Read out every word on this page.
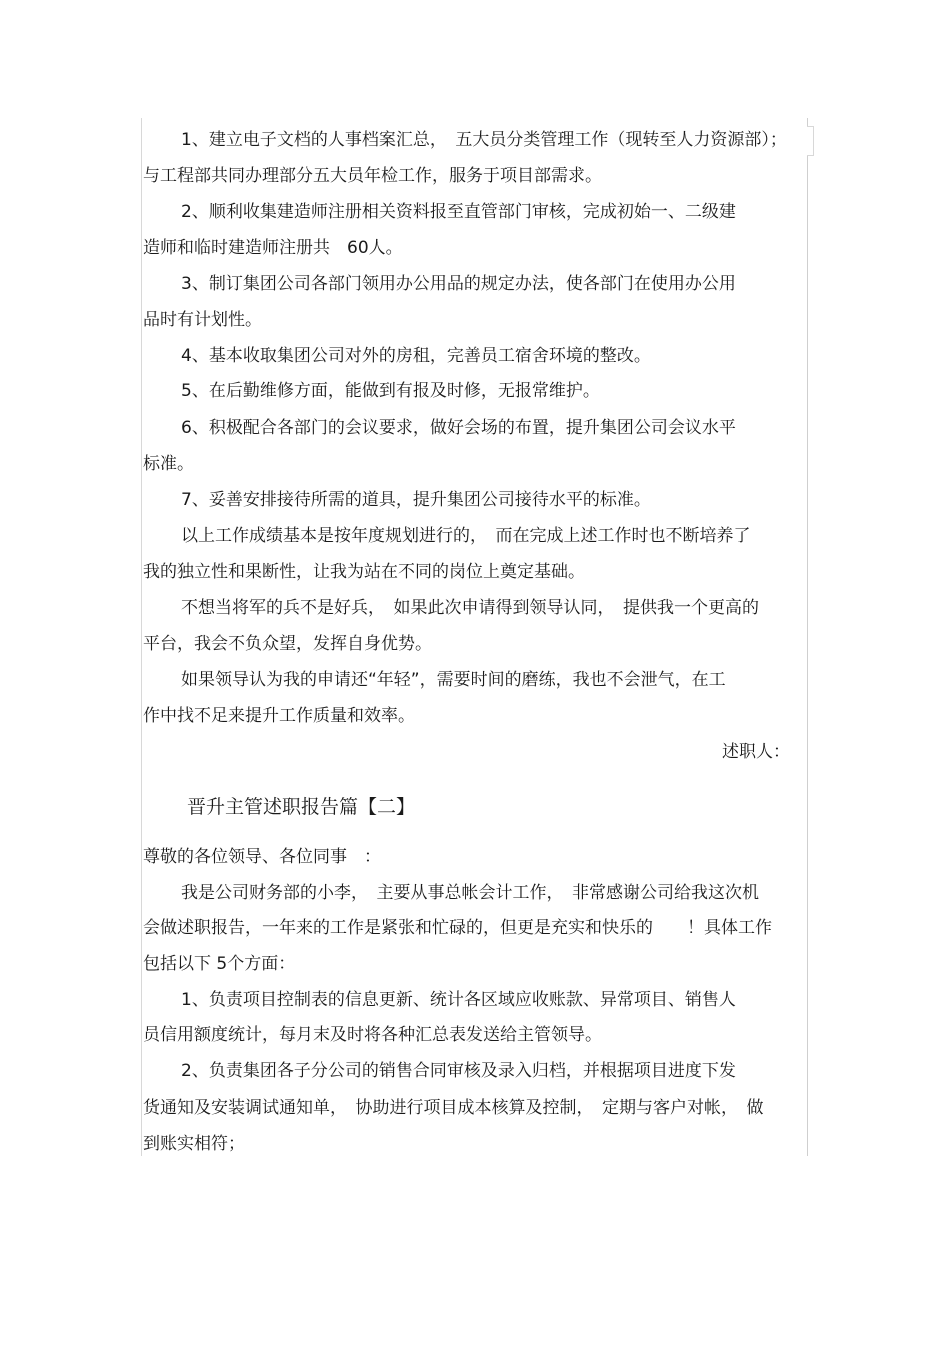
1、建立电子文档的人事档案汇总，　五大员分类管理工作（现转至人力资源部）；
与工程部共同办理部分五大员年检工作，服务于项目部需求。
2、顺利收集建造师注册相关资料报至直管部门审核，完成初始一、二级建
造师和临时建造师注册共　60人。
3、制订集团公司各部门领用办公用品的规定办法，使各部门在使用办公用
品时有计划性。
4、基本收取集团公司对外的房租，完善员工宿舍环境的整改。
5、在后勤维修方面，能做到有报及时修，无报常维护。
6、积极配合各部门的会议要求，做好会场的布置，提升集团公司会议水平
标准。
7、妥善安排接待所需的道具，提升集团公司接待水平的标准。
以上工作成绩基本是按年度规划进行的，　而在完成上述工作时也不断培养了
我的独立性和果断性，让我为站在不同的岗位上奠定基础。
不想当将军的兵不是好兵，　如果此次申请得到领导认同，　提供我一个更高的
平台，我会不负众望，发挥自身优势。
如果领导认为我的申请还“年轻”，需要时间的磨练，我也不会泄气，在工
作中找不足来提升工作质量和效率。
述职人：
晋升主管述职报告篇【二】
尊敬的各位领导、各位同事　：
我是公司财务部的小李，　主要从事总帐会计工作，　非常感谢公司给我这次机
会做述职报告，一年来的工作是紧张和忙碌的，但更是充实和快乐的　　！具体工作
包括以下 5个方面：
1、负责项目控制表的信息更新、统计各区域应收账款、异常项目、销售人
员信用额度统计，每月末及时将各种汇总表发送给主管领导。
2、负责集团各子分公司的销售合同审核及录入归档，并根据项目进度下发
货通知及安装调试通知单，　协助进行项目成本核算及控制，　定期与客户对帐，　做
到账实相符；
